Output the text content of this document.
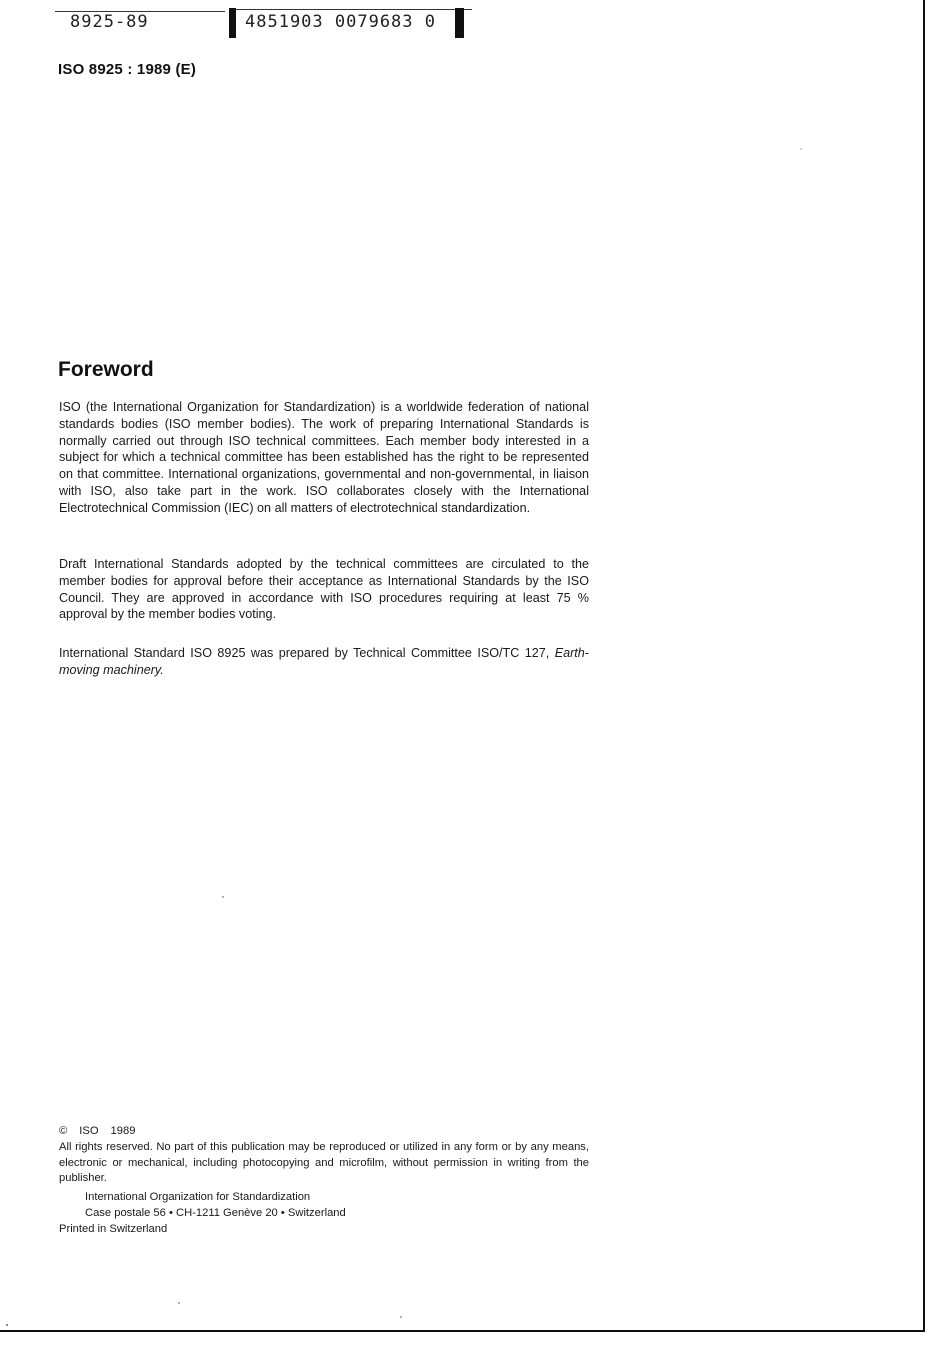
8925-89	4851903 0079683 0
ISO 8925 : 1989 (E)
Foreword

ISO (the International Organization for Standardization) is a worldwide federation of national standards bodies (ISO member bodies). The work of preparing International Standards is normally carried out through ISO technical committees. Each member body interested in a subject for which a technical committee has been established has the right to be represented on that committee. International organizations, governmental and non-governmental, in liaison with ISO, also take part in the work. ISO collaborates closely with the International Electrotechnical Commission (IEC) on all matters of electrotechnical standardization.

Draft International Standards adopted by the technical committees are circulated to the member bodies for approval before their acceptance as International Standards by the ISO Council. They are approved in accordance with ISO procedures requiring at least 75 % approval by the member bodies voting.

International Standard ISO 8925 was prepared by Technical Committee ISO/TC 127, Earth-moving machinery.

© ISO 1989

All rights reserved. No part of this publication may be reproduced or utilized in any form or by any means, electronic or mechanical, including photocopying and microfilm, without permission in writing from the publisher.

International Organization for Standardization

Case postale 56 • CH-1211 Genève 20 • Switzerland

Printed in Switzerland
